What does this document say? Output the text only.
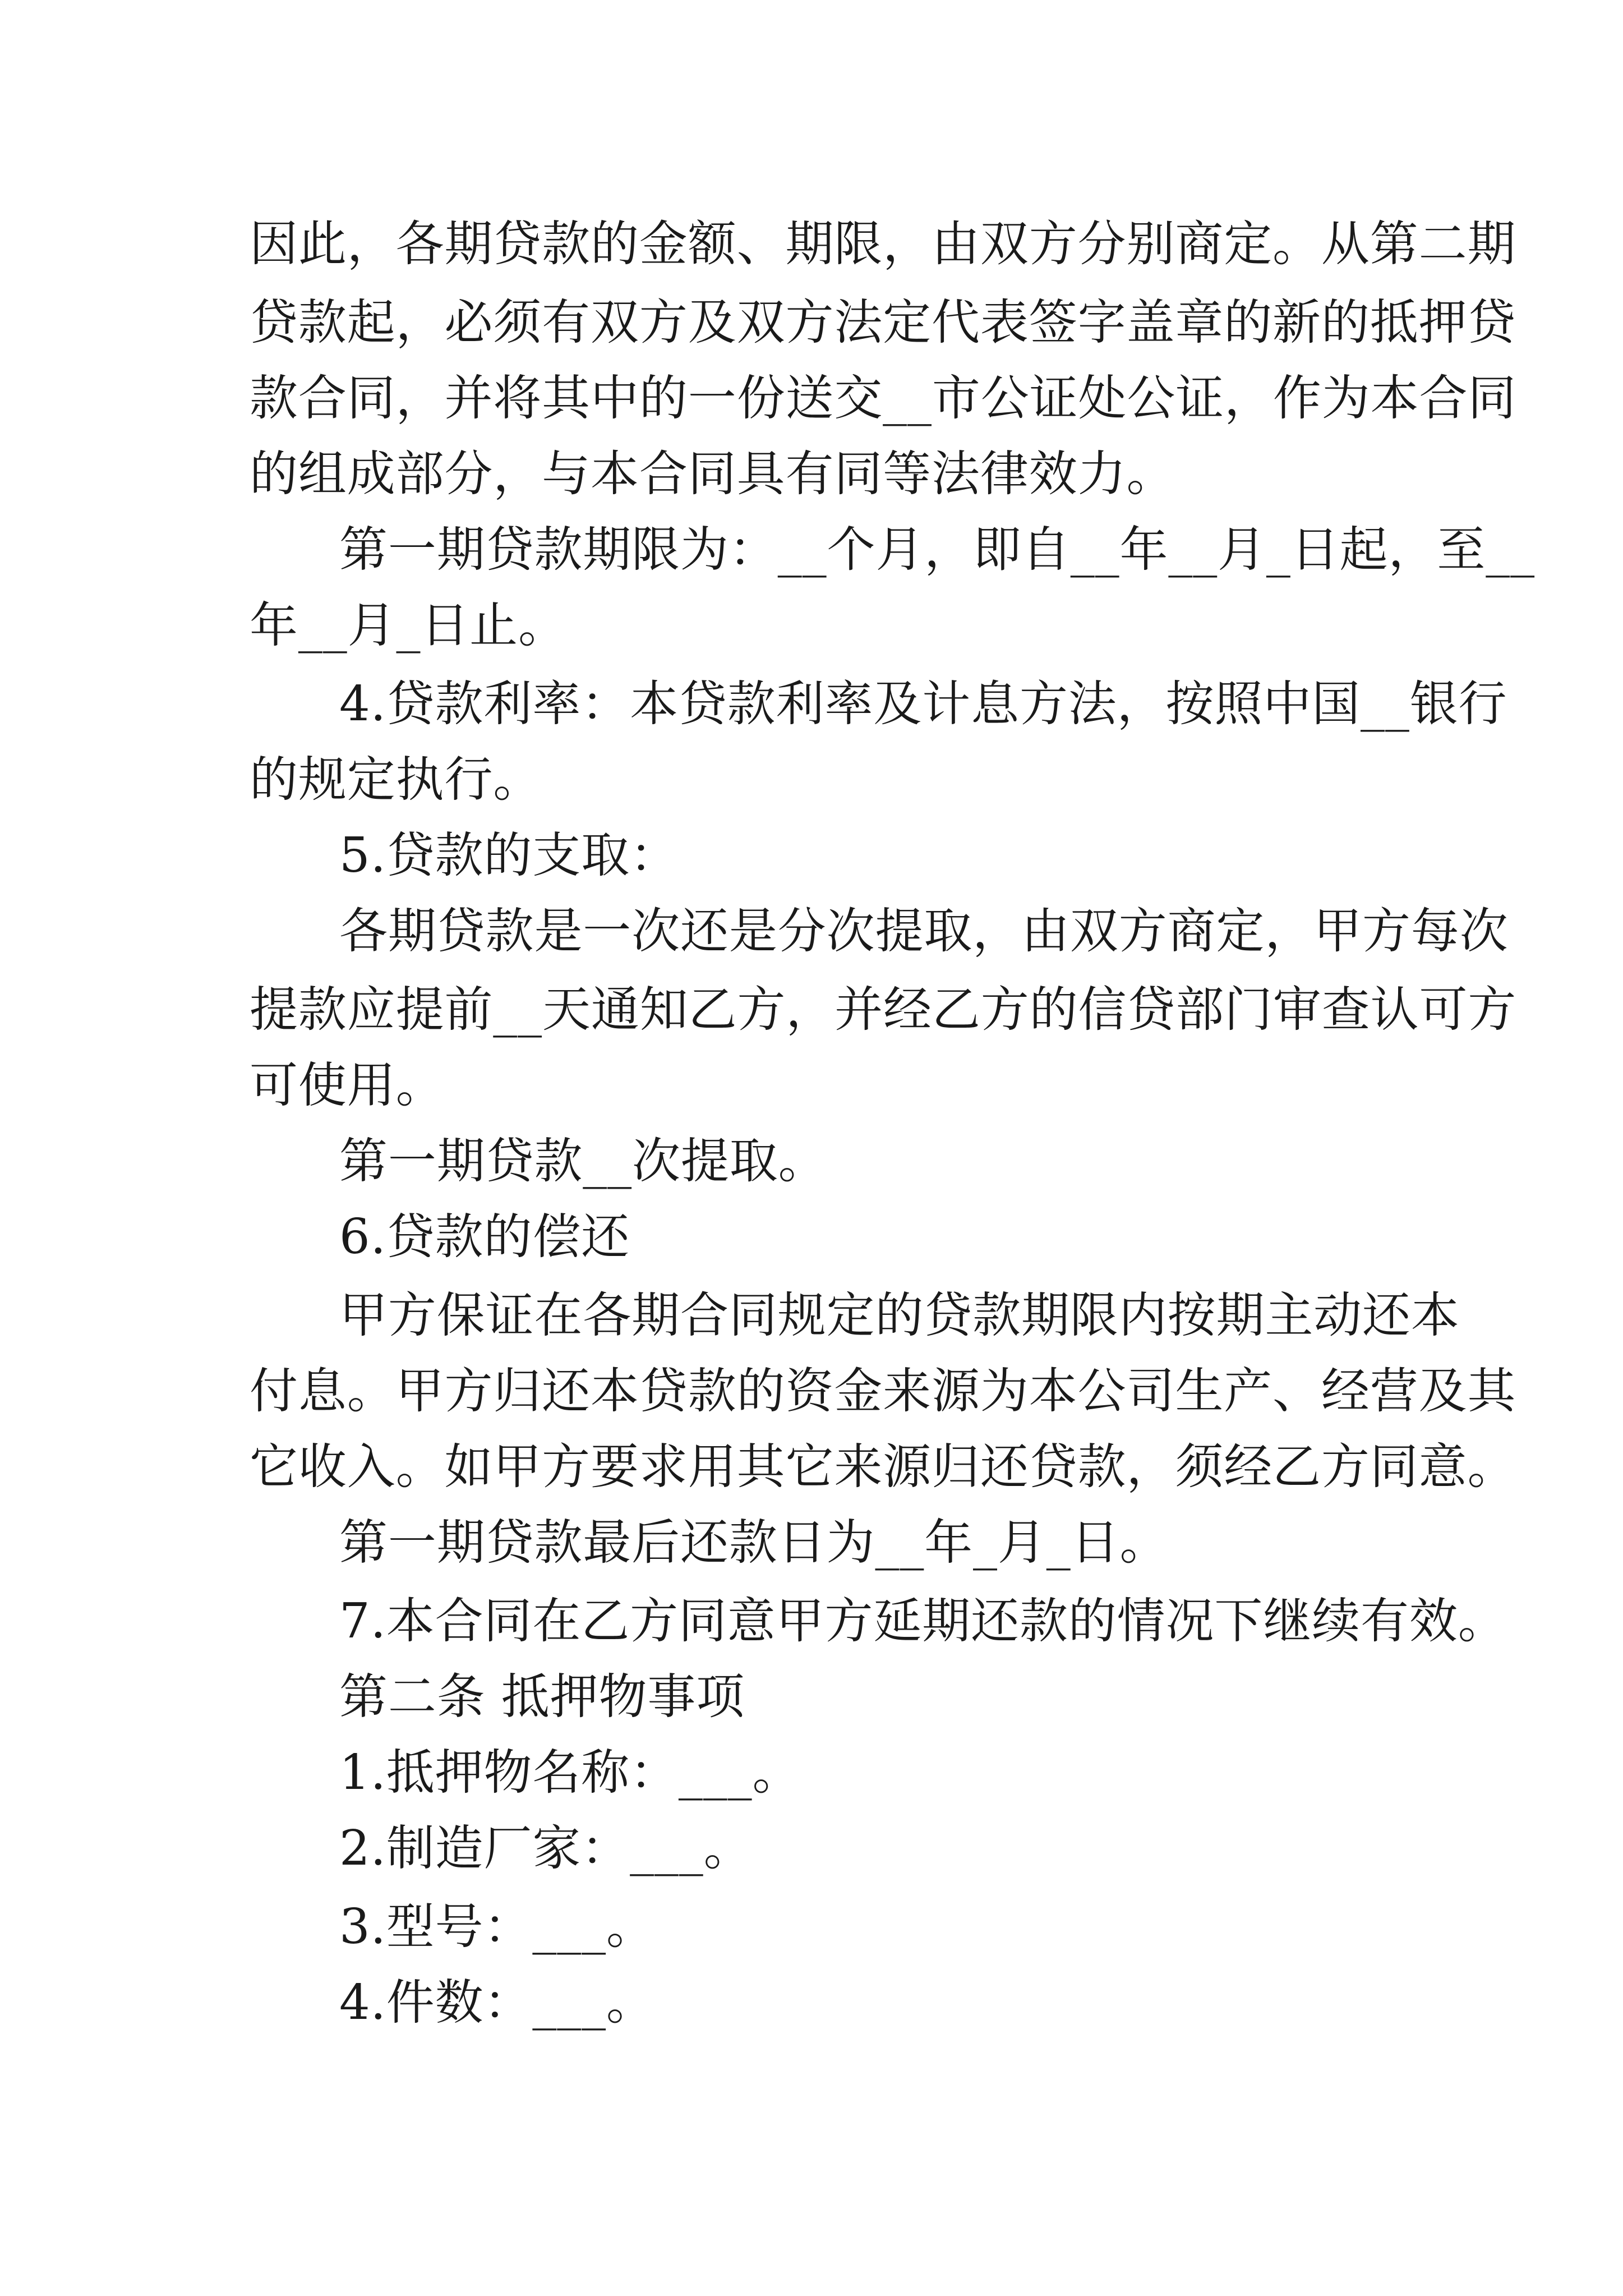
因此，各期贷款的金额、期限，由双方分别商定。从第二期

贷款起，必须有双方及双方法定代表签字盖章的新的抵押贷

款合同，并将其中的一份送交__市公证处公证，作为本合同

的组成部分，与本合同具有同等法律效力。

第一期贷款期限为：__个月，即自__年__月_日起，至__

年__月_日止。

4.贷款利率：本贷款利率及计息方法，按照中国__银行

的规定执行。

5.贷款的支取：

各期贷款是一次还是分次提取，由双方商定，甲方每次

提款应提前__天通知乙方，并经乙方的信贷部门审查认可方

可使用。

第一期贷款__次提取。

6.贷款的偿还

甲方保证在各期合同规定的贷款期限内按期主动还本

付息。甲方归还本贷款的资金来源为本公司生产、经营及其

它收入。如甲方要求用其它来源归还贷款，须经乙方同意。

第一期贷款最后还款日为__年_月_日。

7.本合同在乙方同意甲方延期还款的情况下继续有效。

第二条 抵押物事项

1.抵押物名称：___。

2.制造厂家：___。

3.型号：___。

4.件数：___。
